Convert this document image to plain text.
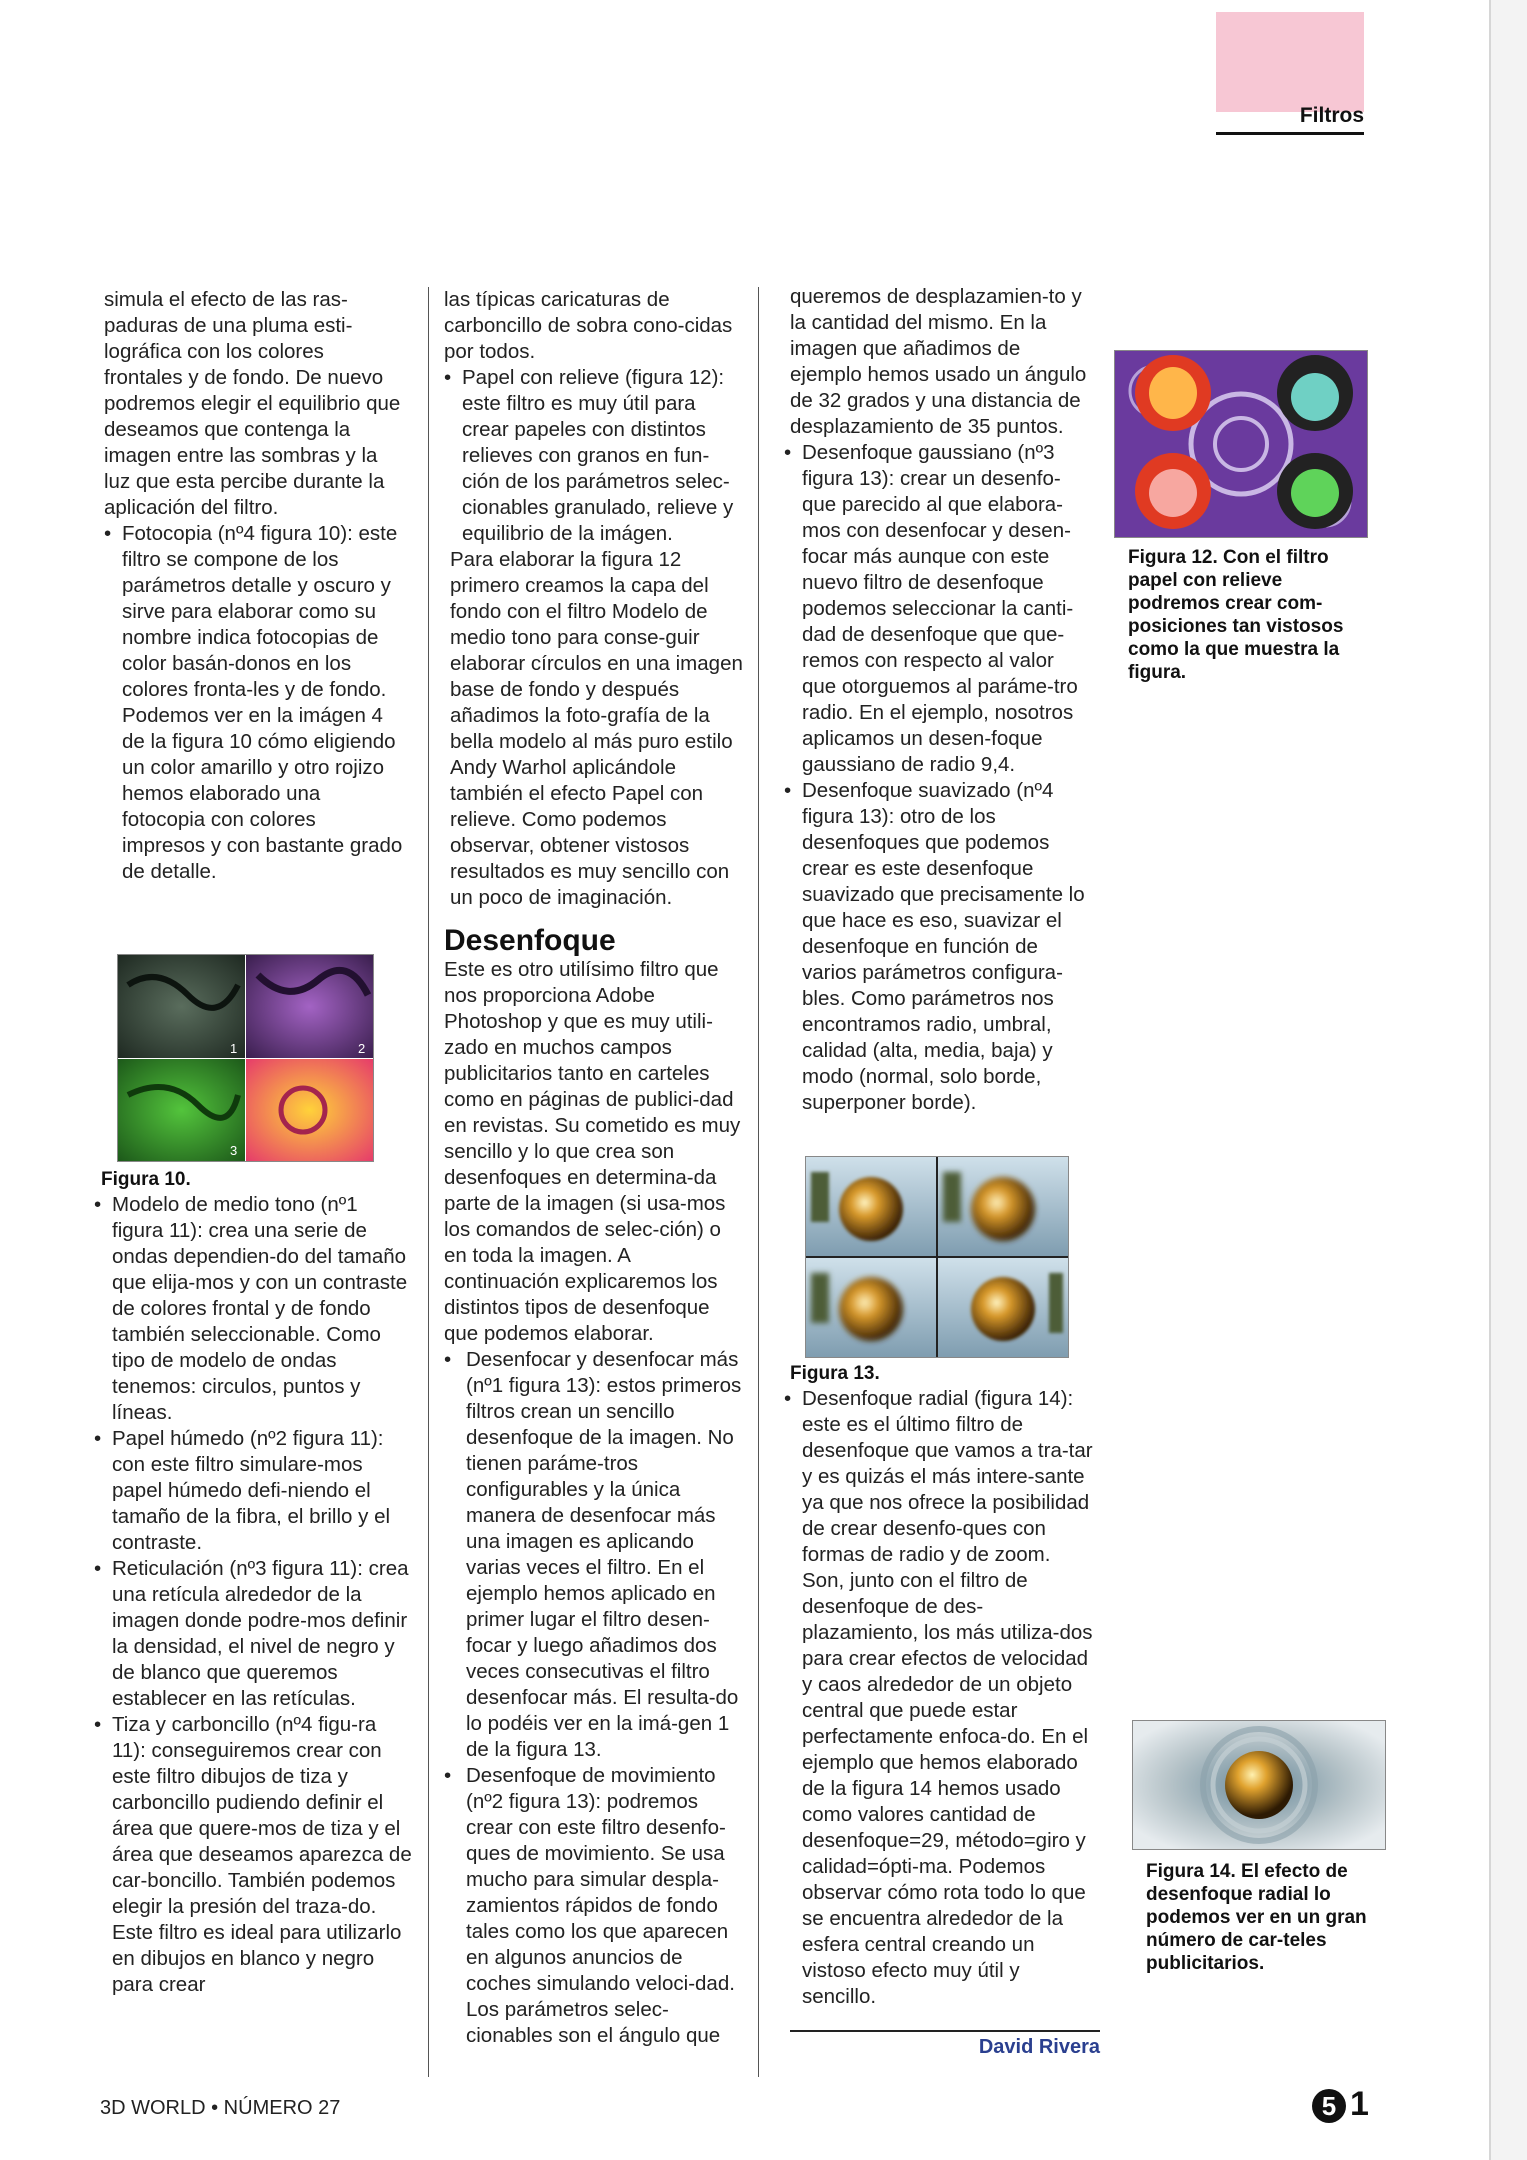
Filtros

simula el efecto de las ras-paduras de una pluma esti-lográfica con los colores frontales y de fondo. De nuevo podremos elegir el equilibrio que deseamos que contenga la imagen entre las sombras y la luz que esta percibe durante la aplicación del filtro.

• Fotocopia (nº4 figura 10): este filtro se compone de los parámetros detalle y oscuro y sirve para elaborar como su nombre indica fotocopias de color basán-donos en los colores fronta-les y de fondo. Podemos ver en la imágen 4 de la figura 10 cómo eligiendo un color amarillo y otro rojizo hemos elaborado una fotocopia con colores impresos y con bastante grado de detalle.
1	2
3
Figura 10.
• Modelo de medio tono (nº1 figura 11): crea una serie de ondas dependien-do del tamaño que elija-mos y con un contraste de colores frontal y de fondo también seleccionable. Como tipo de modelo de ondas tenemos: circulos, puntos y líneas.
• Papel húmedo (nº2 figura 11): con este filtro simulare-mos papel húmedo defi-niendo el tamaño de la fibra, el brillo y el contraste.
• Reticulación (nº3 figura 11): crea una retícula alrededor de la imagen donde podre-mos definir la densidad, el nivel de negro y de blanco que queremos establecer en las retículas.
• Tiza y carboncillo (nº4 figu-ra 11): conseguiremos crear con este filtro dibujos de tiza y carboncillo pudiendo definir el área que quere-mos de tiza y el área que deseamos aparezca de car-boncillo. También podemos elegir la presión del traza-do. Este filtro es ideal para utilizarlo en dibujos en blanco y negro para crear

las típicas caricaturas de carboncillo de sobra cono-cidas por todos.

• Papel con relieve (figura 12): este filtro es muy útil para crear papeles con distintos relieves con granos en fun-ción de los parámetros selec-cionables granulado, relieve y equilibrio de la imágen.

Para elaborar la figura 12 primero creamos la capa del fondo con el filtro Modelo de medio tono para conse-guir elaborar círculos en una imagen base de fondo y después añadimos la foto-grafía de la bella modelo al más puro estilo Andy Warhol aplicándole también el efecto Papel con relieve. Como podemos observar, obtener vistosos resultados es muy sencillo con un poco de imaginación.

Desenfoque

Este es otro utilísimo filtro que nos proporciona Adobe Photoshop y que es muy utili-zado en muchos campos publicitarios tanto en carteles como en páginas de publici-dad en revistas. Su cometido es muy sencillo y lo que crea son desenfoques en determina-da parte de la imagen (si usa-mos los comandos de selec-ción) o en toda la imagen. A continuación explicaremos los distintos tipos de desenfoque que podemos elaborar.

• Desenfocar y desenfocar más (nº1 figura 13): estos primeros filtros crean un sencillo desenfoque de la imagen. No tienen paráme-tros configurables y la única manera de desenfocar más una imagen es aplicando varias veces el filtro. En el ejemplo hemos aplicado en primer lugar el filtro desen-focar y luego añadimos dos veces consecutivas el filtro desenfocar más. El resulta-do lo podéis ver en la imá-gen 1 de la figura 13.
• Desenfoque de movimiento (nº2 figura 13): podremos crear con este filtro desenfo-ques de movimiento. Se usa mucho para simular despla-zamientos rápidos de fondo tales como los que aparecen en algunos anuncios de coches simulando veloci-dad. Los parámetros selec-cionables son el ángulo que

queremos de desplazamien-to y la cantidad del mismo. En la imagen que añadimos de ejemplo hemos usado un ángulo de 32 grados y una distancia de desplazamiento de 35 puntos.

• Desenfoque gaussiano (nº3 figura 13): crear un desenfo-que parecido al que elabora-mos con desenfocar y desen-focar más aunque con este nuevo filtro de desenfoque podemos seleccionar la canti-dad de desenfoque que que-remos con respecto al valor que otorguemos al paráme-tro radio. En el ejemplo, nosotros aplicamos un desen-foque gaussiano de radio 9,4.
• Desenfoque suavizado (nº4 figura 13): otro de los desenfoques que podemos crear es este desenfoque suavizado que precisamente lo que hace es eso, suavizar el desenfoque en función de varios parámetros configura-bles. Como parámetros nos encontramos radio, umbral, calidad (alta, media, baja) y modo (normal, solo borde, superponer borde).
Figura 13.
• Desenfoque radial (figura 14): este es el último filtro de desenfoque que vamos a tra-tar y es quizás el más intere-sante ya que nos ofrece la posibilidad de crear desenfo-ques con formas de radio y de zoom. Son, junto con el filtro de desenfoque de des-plazamiento, los más utiliza-dos para crear efectos de velocidad y caos alrededor de un objeto central que puede estar perfectamente enfoca-do. En el ejemplo que hemos elaborado de la figura 14 hemos usado como valores cantidad de desenfoque=29, método=giro y calidad=ópti-ma. Podemos observar cómo rota todo lo que se encuentra alrededor de la esfera central creando un vistoso efecto muy útil y sencillo.
David Rivera
Figura 12. Con el filtro papel con relieve podremos crear com-posiciones tan vistosos como la que muestra la figura.
Figura 14. El efecto de desenfoque radial lo podemos ver en un gran número de car-teles publicitarios.
3D WORLD • NÚMERO 27	5 1
